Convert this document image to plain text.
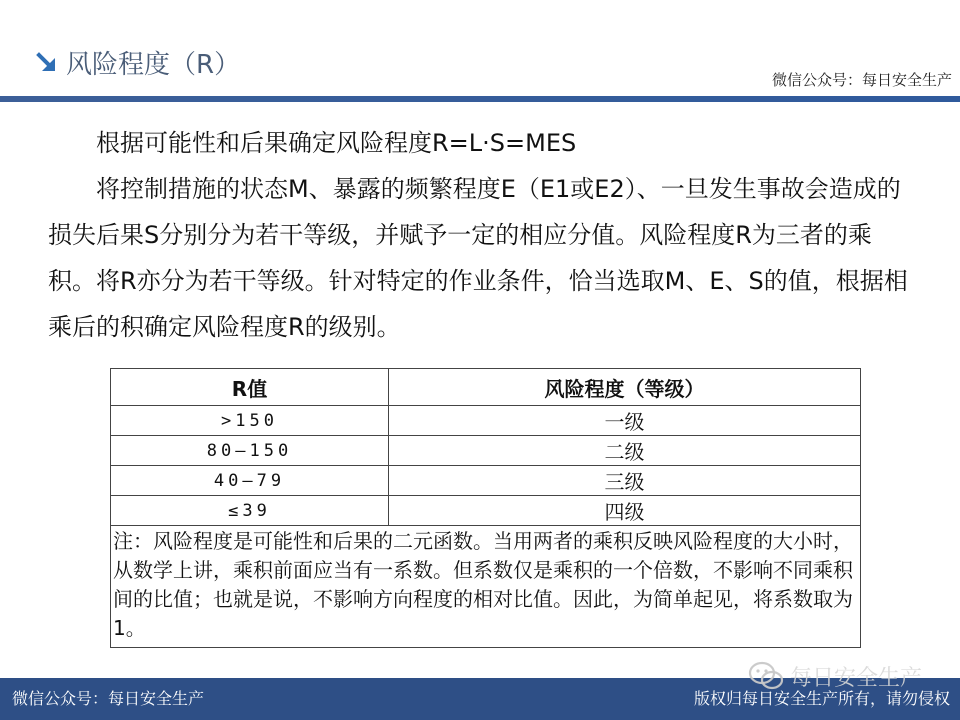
风险程度（R）	微信公众号：每日安全生产

根据可能性和后果确定风险程度R=L·S=MES

将控制措施的状态M、暴露的频繁程度E（E1或E2）、一旦发生事故会造成的损失后果S分别分为若干等级，并赋予一定的相应分值。风险程度R为三者的乘积。将R亦分为若干等级。针对特定的作业条件，恰当选取M、E、S的值，根据相乘后的积确定风险程度R的级别。

R值	风险程度（等级）
>150	一级
80—150	二级
40—79	三级
≤39	四级
注：风险程度是可能性和后果的二元函数。当用两者的乘积反映风险程度的大小时，从数学上讲，乘积前面应当有一系数。但系数仅是乘积的一个倍数，不影响不同乘积间的比值；也就是说，不影响方向程度的相对比值。因此，为简单起见，将系数取为1。	
微信公众号：每日安全生产	版权归每日安全生产所有，请勿侵权
每日安全生产
